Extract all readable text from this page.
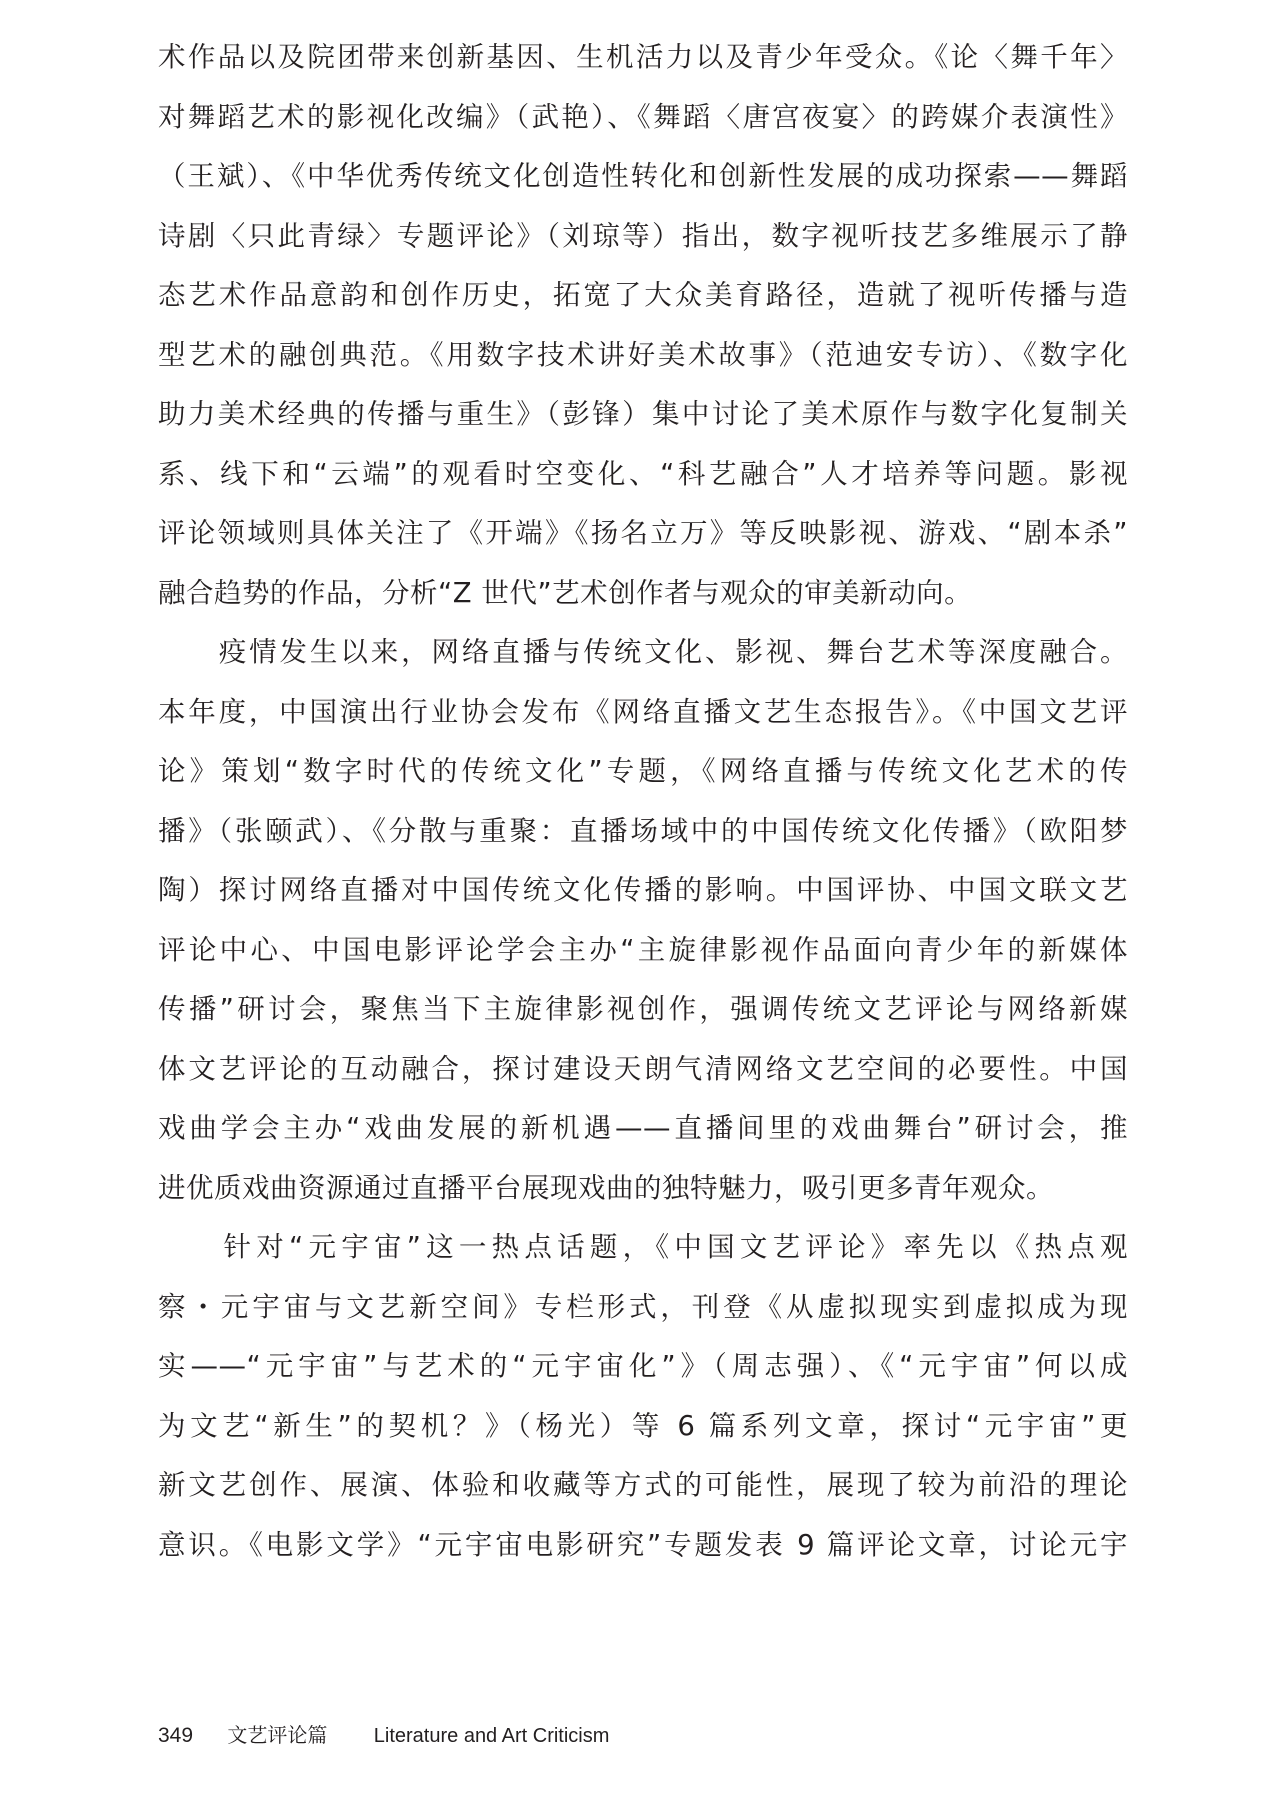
术作品以及院团带来创新基因、生机活力以及青少年受众。《论〈舞千年〉
对舞蹈艺术的影视化改编》（武艳）、《舞蹈〈唐宫夜宴〉的跨媒介表演性》
（王斌）、《中华优秀传统文化创造性转化和创新性发展的成功探索——舞蹈
诗剧〈只此青绿〉专题评论》（刘琼等）指出，数字视听技艺多维展示了静
态艺术作品意韵和创作历史，拓宽了大众美育路径，造就了视听传播与造
型艺术的融创典范。《用数字技术讲好美术故事》（范迪安专访）、《数字化
助力美术经典的传播与重生》（彭锋）集中讨论了美术原作与数字化复制关
系、线下和“云端”的观看时空变化、“科艺融合”人才培养等问题。影视
评论领域则具体关注了《开端》《扬名立万》等反映影视、游戏、“剧本杀”
融合趋势的作品，分析“Z 世代”艺术创作者与观众的审美新动向。
　　疫情发生以来，网络直播与传统文化、影视、舞台艺术等深度融合。
本年度，中国演出行业协会发布《网络直播文艺生态报告》。《中国文艺评
论》策划“数字时代的传统文化”专题，《网络直播与传统文化艺术的传
播》（张颐武）、《分散与重聚：直播场域中的中国传统文化传播》（欧阳梦
陶）探讨网络直播对中国传统文化传播的影响。中国评协、中国文联文艺
评论中心、中国电影评论学会主办“主旋律影视作品面向青少年的新媒体
传播”研讨会，聚焦当下主旋律影视创作，强调传统文艺评论与网络新媒
体文艺评论的互动融合，探讨建设天朗气清网络文艺空间的必要性。中国
戏曲学会主办“戏曲发展的新机遇——直播间里的戏曲舞台”研讨会，推
进优质戏曲资源通过直播平台展现戏曲的独特魅力，吸引更多青年观众。
　　针对“元宇宙”这一热点话题，《中国文艺评论》率先以《热点观
察・元宇宙与文艺新空间》专栏形式，刊登《从虚拟现实到虚拟成为现
实——“元宇宙”与艺术的“元宇宙化”》（周志强）、《“元宇宙”何以成
为文艺“新生”的契机？》（杨光）等 6 篇系列文章，探讨“元宇宙”更
新文艺创作、展演、体验和收藏等方式的可能性，展现了较为前沿的理论
意识。《电影文学》“元宇宙电影研究”专题发表 9 篇评论文章，讨论元宇
349 文艺评论篇 Literature and Art Criticism
